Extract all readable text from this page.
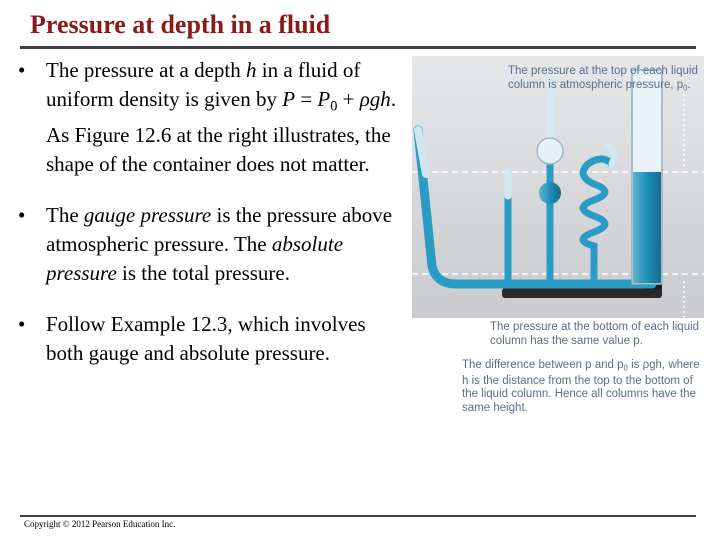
Pressure at depth in a fluid
• The pressure at a depth h in a fluid of uniform density is given by $P = P_0 + \rho gh$. As Figure 12.6 at the right illustrates, the shape of the container does not matter.
• The gauge pressure is the pressure above atmospheric pressure. The absolute pressure is the total pressure.
• Follow Example 12.3, which involves both gauge and absolute pressure.
The pressure at the top of each liquid column is atmospheric pressure, $p_0$.
The pressure at the bottom of each liquid column has the same value p.
The difference between p and $p_0$ is ρgh, where h is the distance from the top to the bottom of the liquid column. Hence all columns have the same height.
Copyright © 2012 Pearson Education Inc.
